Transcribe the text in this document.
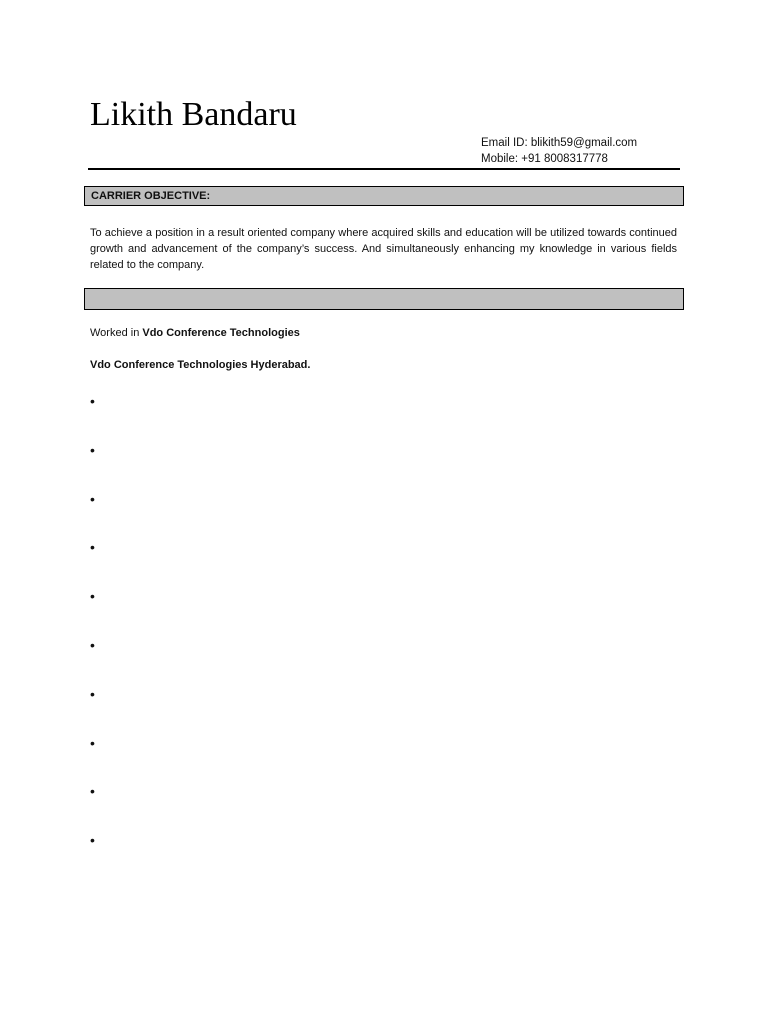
Likith Bandaru
Email ID: blikith59@gmail.com
Mobile: +91 8008317778
CARRIER OBJECTIVE:
To achieve a position in a result oriented company where acquired skills and education will be utilized towards continued growth and advancement of the company’s success. And simultaneously enhancing my knowledge in various fields related to the company.
Worked in Vdo Conference Technologies
Vdo Conference Technologies Hyderabad.
•
•
•
•
•
•
•
•
•
•
